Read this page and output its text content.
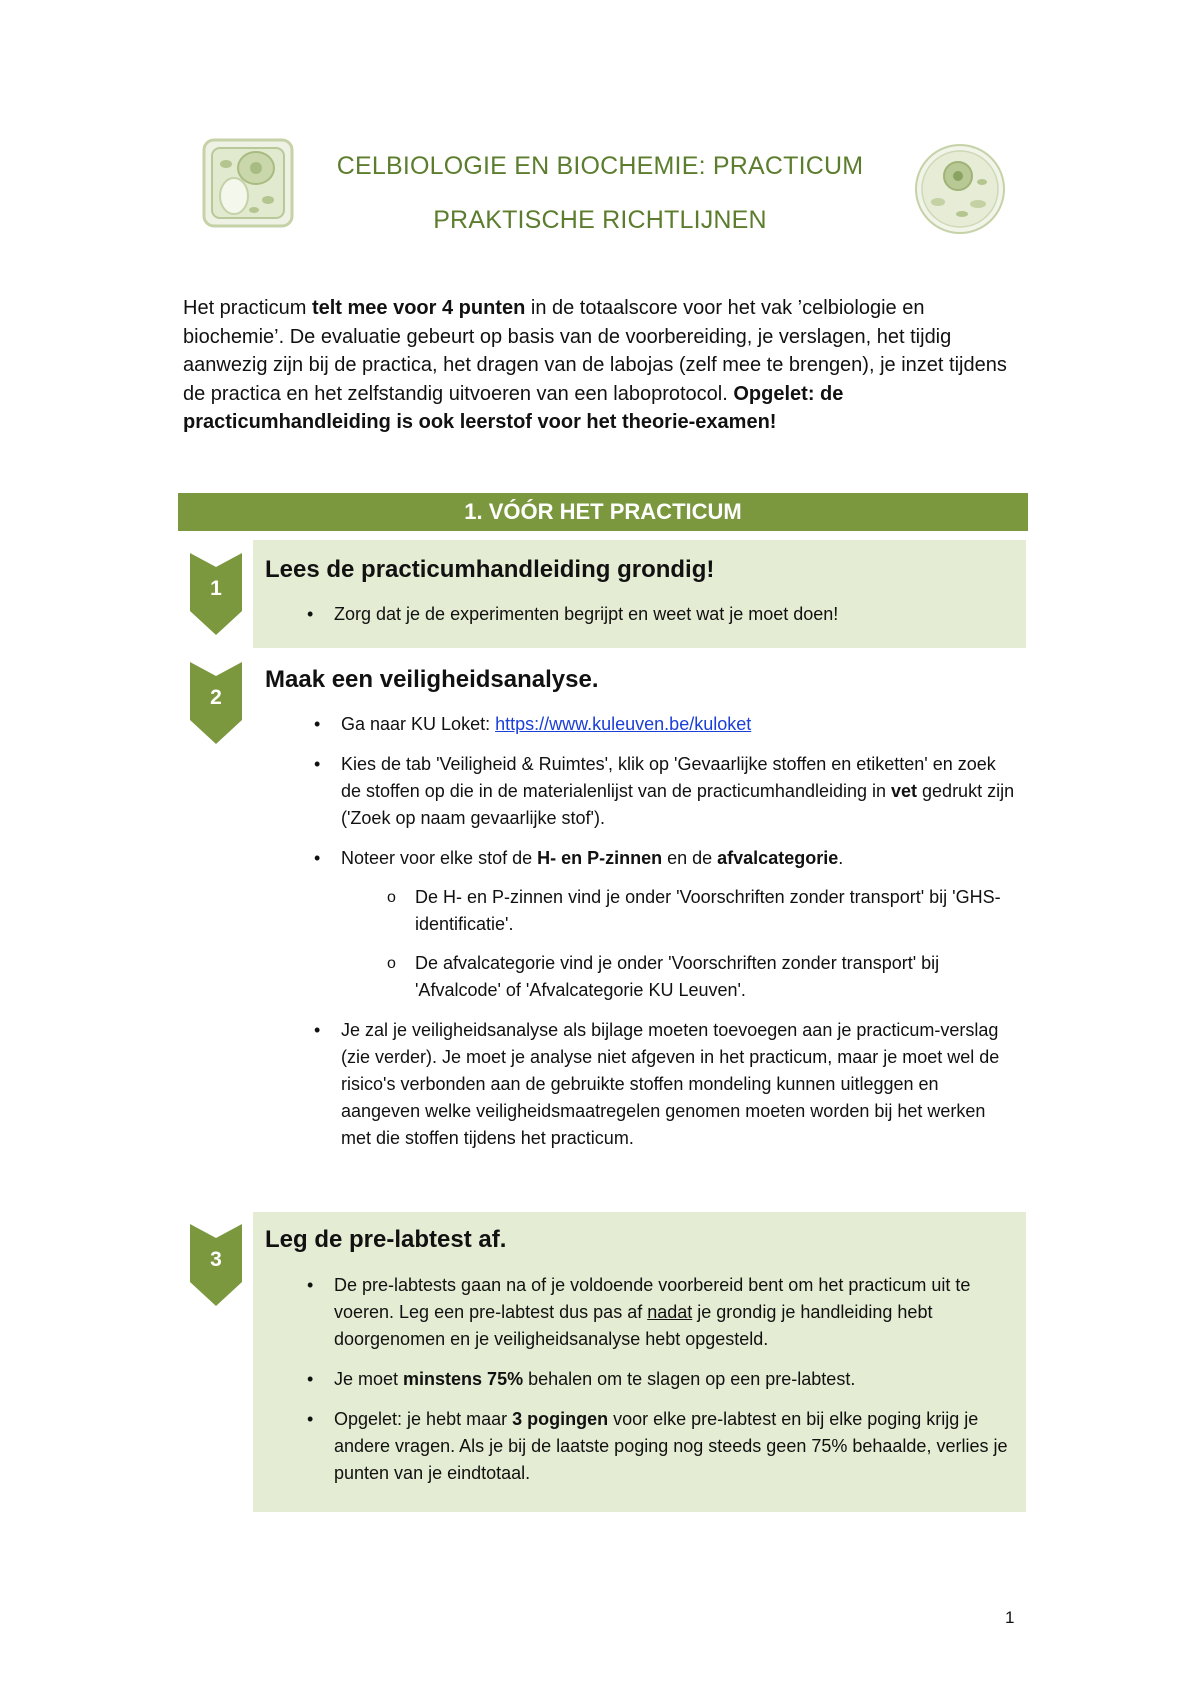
CELBIOLOGIE EN BIOCHEMIE: PRACTICUM
PRAKTISCHE RICHTLIJNEN
Het practicum telt mee voor 4 punten in de totaalscore voor het vak ’celbiologie en biochemie’. De evaluatie gebeurt op basis van de voorbereiding, je verslagen, het tijdig aanwezig zijn bij de practica, het dragen van de labojas (zelf mee te brengen), je inzet tijdens de practica en het zelfstandig uitvoeren van een laboprotocol. Opgelet: de practicumhandleiding is ook leerstof voor het theorie-examen!
1. VÓÓR HET PRACTICUM
1
Lees de practicumhandleiding grondig!
• Zorg dat je de experimenten begrijpt en weet wat je moet doen!
2
Maak een veiligheidsanalyse.
• Ga naar KU Loket: https://www.kuleuven.be/kuloket
• Kies de tab 'Veiligheid & Ruimtes', klik op 'Gevaarlijke stoffen en etiketten' en zoek de stoffen op die in de materialenlijst van de practicumhandleiding in vet gedrukt zijn ('Zoek op naam gevaarlijke stof').
• Noteer voor elke stof de H- en P-zinnen en de afvalcategorie.
o De H- en P-zinnen vind je onder 'Voorschriften zonder transport' bij 'GHS-identificatie'.
o De afvalcategorie vind je onder 'Voorschriften zonder transport' bij 'Afvalcode' of 'Afvalcategorie KU Leuven'.
• Je zal je veiligheidsanalyse als bijlage moeten toevoegen aan je practicum-verslag (zie verder). Je moet je analyse niet afgeven in het practicum, maar je moet wel de risico's verbonden aan de gebruikte stoffen mondeling kunnen uitleggen en aangeven welke veiligheidsmaatregelen genomen moeten worden bij het werken met die stoffen tijdens het practicum.
3
Leg de pre-labtest af.
• De pre-labtests gaan na of je voldoende voorbereid bent om het practicum uit te voeren. Leg een pre-labtest dus pas af nadat je grondig je handleiding hebt doorgenomen en je veiligheidsanalyse hebt opgesteld.
• Je moet minstens 75% behalen om te slagen op een pre-labtest.
• Opgelet: je hebt maar 3 pogingen voor elke pre-labtest en bij elke poging krijg je andere vragen. Als je bij de laatste poging nog steeds geen 75% behaalde, verlies je punten van je eindtotaal.
1
